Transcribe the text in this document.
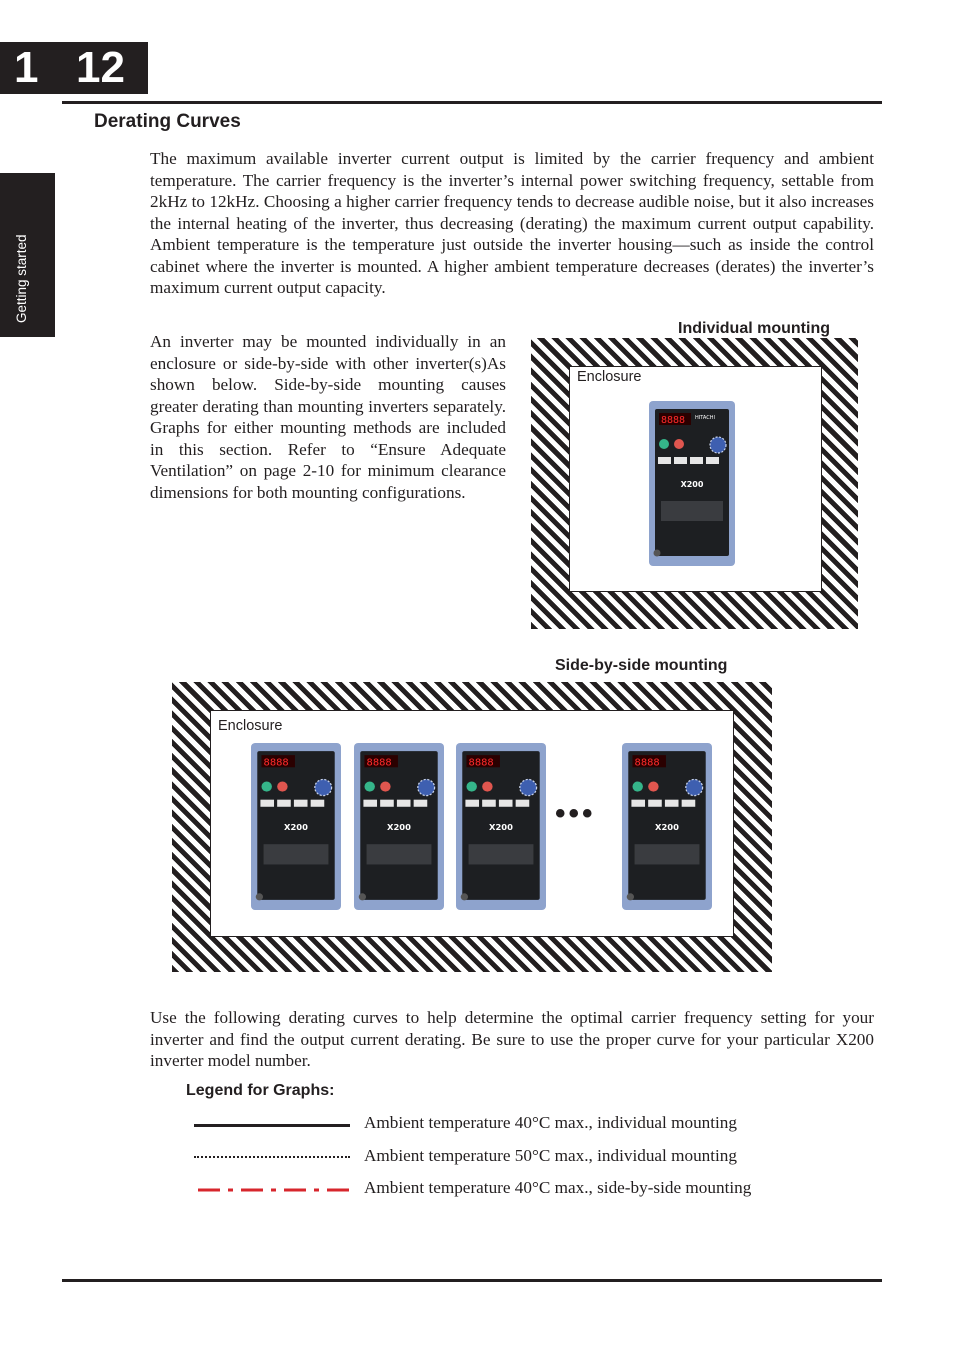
1 12
Getting started
Derating Curves

The maximum available inverter current output is limited by the carrier frequency and ambient temperature. The carrier frequency is the inverter’s internal power switching frequency, settable from 2kHz to 12kHz. Choosing a higher carrier frequency tends to decrease audible noise, but it also increases the internal heating of the inverter, thus decreasing (derating) the maximum current output capability. Ambient temperature is the temperature just outside the inverter housing—such as inside the control cabinet where the inverter is mounted. A higher ambient temperature decreases (derates) the inverter’s maximum current output capacity.

An inverter may be mounted individually in an enclosure or side-by-side with other inverter(s)As shown below. Side-by-side mounting causes greater derating than mounting inverters separately. Graphs for either mounting methods are included in this section. Refer to “Ensure Adequate Ventilation” on page 2-10 for minimum clearance dimensions for both mounting configurations.

Individual mounting
Enclosure
8888 HITACHI
X200
Side-by-side mounting
Enclosure
8888
X200
8888
X200
8888
X200 •••
8888
X200

Use the following derating curves to help determine the optimal carrier frequency setting for your inverter and find the output current derating. Be sure to use the proper curve for your particular X200 inverter model number.

Legend for Graphs:
Ambient temperature 40°C max., individual mounting
Ambient temperature 50°C max., individual mounting
Ambient temperature 40°C max., side-by-side mounting
